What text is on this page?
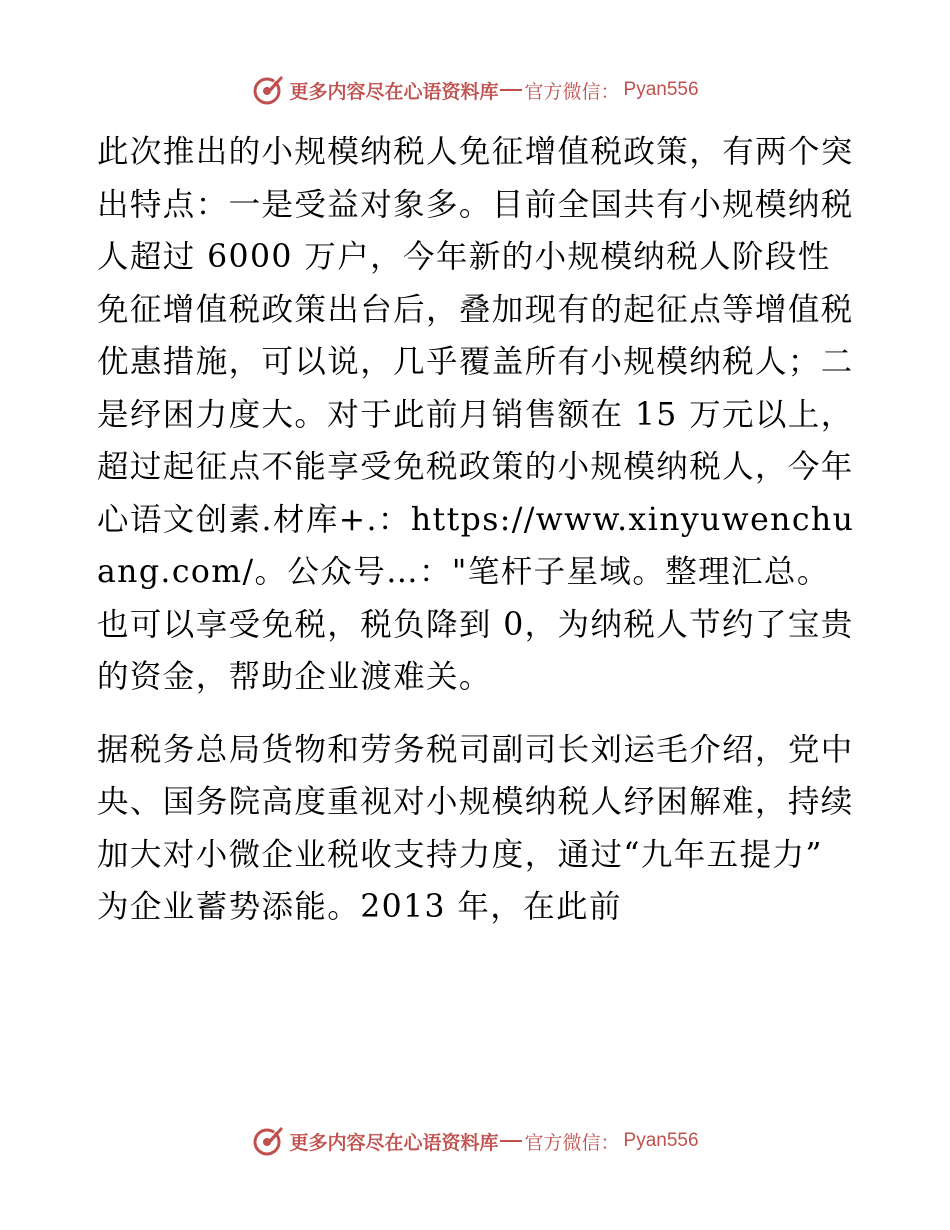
更多内容尽在心语资料库 官方微信 ： Pyan556

此次推出的小规模纳税人免征增值税政策，有两个突出特点：一是受益对象多。目前全国共有小规模纳税人超过 6000 万户，今年新的小规模纳税人阶段性免征增值税政策出台后，叠加现有的起征点等增值税优惠措施，可以说，几乎覆盖所有小规模纳税人；二是纾困力度大。对于此前月销售额在 15 万元以上，超过起征点不能享受免税政策的小规模纳税人，今年心语文创素.材库+.：https://www.xinyuwenchuang.com/。公众号…："笔杆子星域。整理汇总。也可以享受免税，税负降到 0，为纳税人节约了宝贵的资金，帮助企业渡难关。

据税务总局货物和劳务税司副司长刘运毛介绍，党中央、国务院高度重视对小规模纳税人纾困解难，持续加大对小微企业税收支持力度，通过“九年五提力” 为企业蓄势添能。2013 年，在此前

更多内容尽在心语资料库 官方微信 ： Pyan556
